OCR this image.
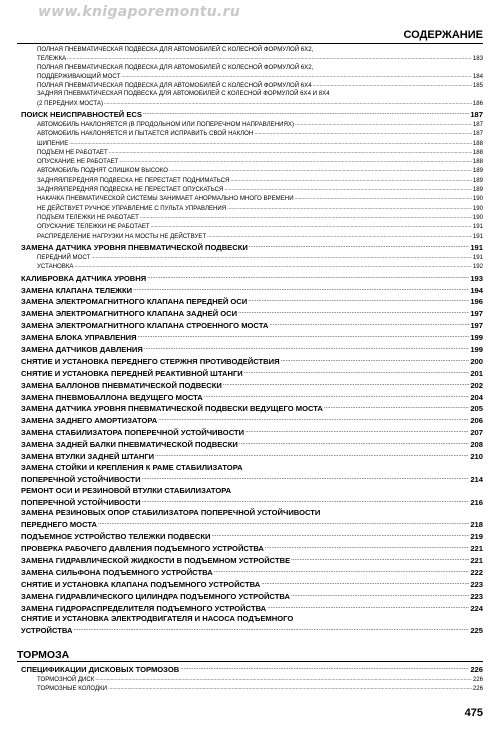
www.knigaporemontu.ru
СОДЕРЖАНИЕ
ПОЛНАЯ ПНЕВМАТИЧЕСКАЯ ПОДВЕСКА ДЛЯ АВТОМОБИЛЕЙ С КОЛЕСНОЙ ФОРМУЛОЙ 6Х2,
ТЕЛЕЖКА .....	183
ПОЛНАЯ ПНЕВМАТИЧЕСКАЯ ПОДВЕСКА ДЛЯ АВТОМОБИЛЕЙ С КОЛЕСНОЙ ФОРМУЛОЙ 6Х2,
ПОДДЕРЖИВАЮЩИЙ МОСТ .....	184
ПОЛНАЯ ПНЕВМАТИЧЕСКАЯ ПОДВЕСКА ДЛЯ АВТОМОБИЛЕЙ С КОЛЕСНОЙ ФОРМУЛОЙ 6Х4 .....	185
ЗАДНЯЯ ПНЕВМАТИЧЕСКАЯ ПОДВЕСКА ДЛЯ АВТОМОБИЛЕЙ С КОЛЕСНОЙ ФОРМУЛОЙ 6Х4 И 8Х4
(2 ПЕРЕДНИХ МОСТА) .....	186
ПОИСК НЕИСПРАВНОСТЕЙ ECS .....	187
АВТОМОБИЛЬ НАКЛОНЯЕТСЯ (В ПРОДОЛЬНОМ ИЛИ ПОПЕРЕЧНОМ НАПРАВЛЕНИЯХ) .....	187
АВТОМОБИЛЬ НАКЛОНЯЕТСЯ И ПЫТАЕТСЯ ИСПРАВИТЬ СВОЙ НАКЛОН .....	187
ШИПЕНИЕ .....	188
ПОДЪЕМ НЕ РАБОТАЕТ .....	188
ОПУСКАНИЕ НЕ РАБОТАЕТ .....	188
АВТОМОБИЛЬ ПОДНЯТ СЛИШКОМ ВЫСОКО .....	189
ЗАДНЯЯ/ПЕРЕДНЯЯ ПОДВЕСКА НЕ ПЕРЕСТАЕТ ПОДНИМАТЬСЯ .....	189
ЗАДНЯЯ/ПЕРЕДНЯЯ ПОДВЕСКА НЕ ПЕРЕСТАЕТ ОПУСКАТЬСЯ .....	189
НАКАЧКА ПНЕВМАТИЧЕСКОЙ СИСТЕМЫ ЗАНИМАЕТ АНОРМАЛЬНО МНОГО ВРЕМЕНИ .....	190
НЕ ДЕЙСТВУЕТ РУЧНОЕ УПРАВЛЕНИЕ С ПУЛЬТА УПРАВЛЕНИЯ .....	190
ПОДЪЕМ ТЕЛЕЖКИ НЕ РАБОТАЕТ .....	190
ОПУСКАНИЕ ТЕЛЕЖКИ НЕ РАБОТАЕТ .....	191
РАСПРЕДЕЛЕНИЕ НАГРУЗКИ НА МОСТЫ НЕ ДЕЙСТВУЕТ .....	191
ЗАМЕНА ДАТЧИКА УРОВНЯ ПНЕВМАТИЧЕСКОЙ ПОДВЕСКИ .....	191
ПЕРЕДНИЙ МОСТ .....	191
УСТАНОВКА .....	192
КАЛИБРОВКА ДАТЧИКА УРОВНЯ .....	193
ЗАМЕНА КЛАПАНА ТЕЛЕЖКИ .....	194
ЗАМЕНА ЭЛЕКТРОМАГНИТНОГО КЛАПАНА ПЕРЕДНЕЙ ОСИ .....	196
ЗАМЕНА ЭЛЕКТРОМАГНИТНОГО КЛАПАНА ЗАДНЕЙ ОСИ .....	197
ЗАМЕНА ЭЛЕКТРОМАГНИТНОГО КЛАПАНА СТРОЕННОГО МОСТА .....	197
ЗАМЕНА БЛОКА УПРАВЛЕНИЯ .....	199
ЗАМЕНА ДАТЧИКОВ ДАВЛЕНИЯ .....	199
СНЯТИЕ И УСТАНОВКА ПЕРЕДНЕГО СТЕРЖНЯ ПРОТИВОДЕЙСТВИЯ .....	200
СНЯТИЕ И УСТАНОВКА ПЕРЕДНЕЙ РЕАКТИВНОЙ ШТАНГИ .....	201
ЗАМЕНА БАЛЛОНОВ ПНЕВМАТИЧЕСКОЙ ПОДВЕСКИ .....	202
ЗАМЕНА ПНЕВМОБАЛЛОНА ВЕДУЩЕГО МОСТА .....	204
ЗАМЕНА ДАТЧИКА УРОВНЯ ПНЕВМАТИЧЕСКОЙ ПОДВЕСКИ ВЕДУЩЕГО МОСТА .....	205
ЗАМЕНА ЗАДНЕГО АМОРТИЗАТОРА .....	206
ЗАМЕНА СТАБИЛИЗАТОРА ПОПЕРЕЧНОЙ УСТОЙЧИВОСТИ .....	207
ЗАМЕНА ЗАДНЕЙ БАЛКИ ПНЕВМАТИЧЕСКОЙ ПОДВЕСКИ .....	208
ЗАМЕНА ВТУЛКИ ЗАДНЕЙ ШТАНГИ .....	210
ЗАМЕНА СТОЙКИ И КРЕПЛЕНИЯ К РАМЕ СТАБИЛИЗАТОРА
ПОПЕРЕЧНОЙ УСТОЙЧИВОСТИ .....	214
РЕМОНТ ОСИ И РЕЗИНОВОЙ ВТУЛКИ СТАБИЛИЗАТОРА
ПОПЕРЕЧНОЙ УСТОЙЧИВОСТИ .....	216
ЗАМЕНА РЕЗИНОВЫХ ОПОР СТАБИЛИЗАТОРА ПОПЕРЕЧНОЙ УСТОЙЧИВОСТИ
ПЕРЕДНЕГО МОСТА .....	218
ПОДЪЕМНОЕ УСТРОЙСТВО ТЕЛЕЖКИ ПОДВЕСКИ .....	219
ПРОВЕРКА РАБОЧЕГО ДАВЛЕНИЯ ПОДЪЕМНОГО УСТРОЙСТВА .....	221
ЗАМЕНА ГИДРАВЛИЧЕСКОЙ ЖИДКОСТИ В ПОДЪЕМНОМ УСТРОЙСТВЕ .....	221
ЗАМЕНА СИЛЬФОНА ПОДЪЕМНОГО УСТРОЙСТВА .....	222
СНЯТИЕ И УСТАНОВКА КЛАПАНА ПОДЪЕМНОГО УСТРОЙСТВА .....	223
ЗАМЕНА ГИДРАВЛИЧЕСКОГО ЦИЛИНДРА ПОДЪЕМНОГО УСТРОЙСТВА .....	223
ЗАМЕНА ГИДРОРАСПРЕДЕЛИТЕЛЯ ПОДЪЕМНОГО УСТРОЙСТВА .....	224
СНЯТИЕ И УСТАНОВКА ЭЛЕКТРОДВИГАТЕЛЯ И НАСОСА ПОДЪЕМНОГО
УСТРОЙСТВА .....	225
ТОРМОЗА
СПЕЦИФИКАЦИИ ДИСКОВЫХ ТОРМОЗОВ .....	226
ТОРМОЗНОЙ ДИСК .....	226
ТОРМОЗНЫЕ КОЛОДКИ .....	226
475
